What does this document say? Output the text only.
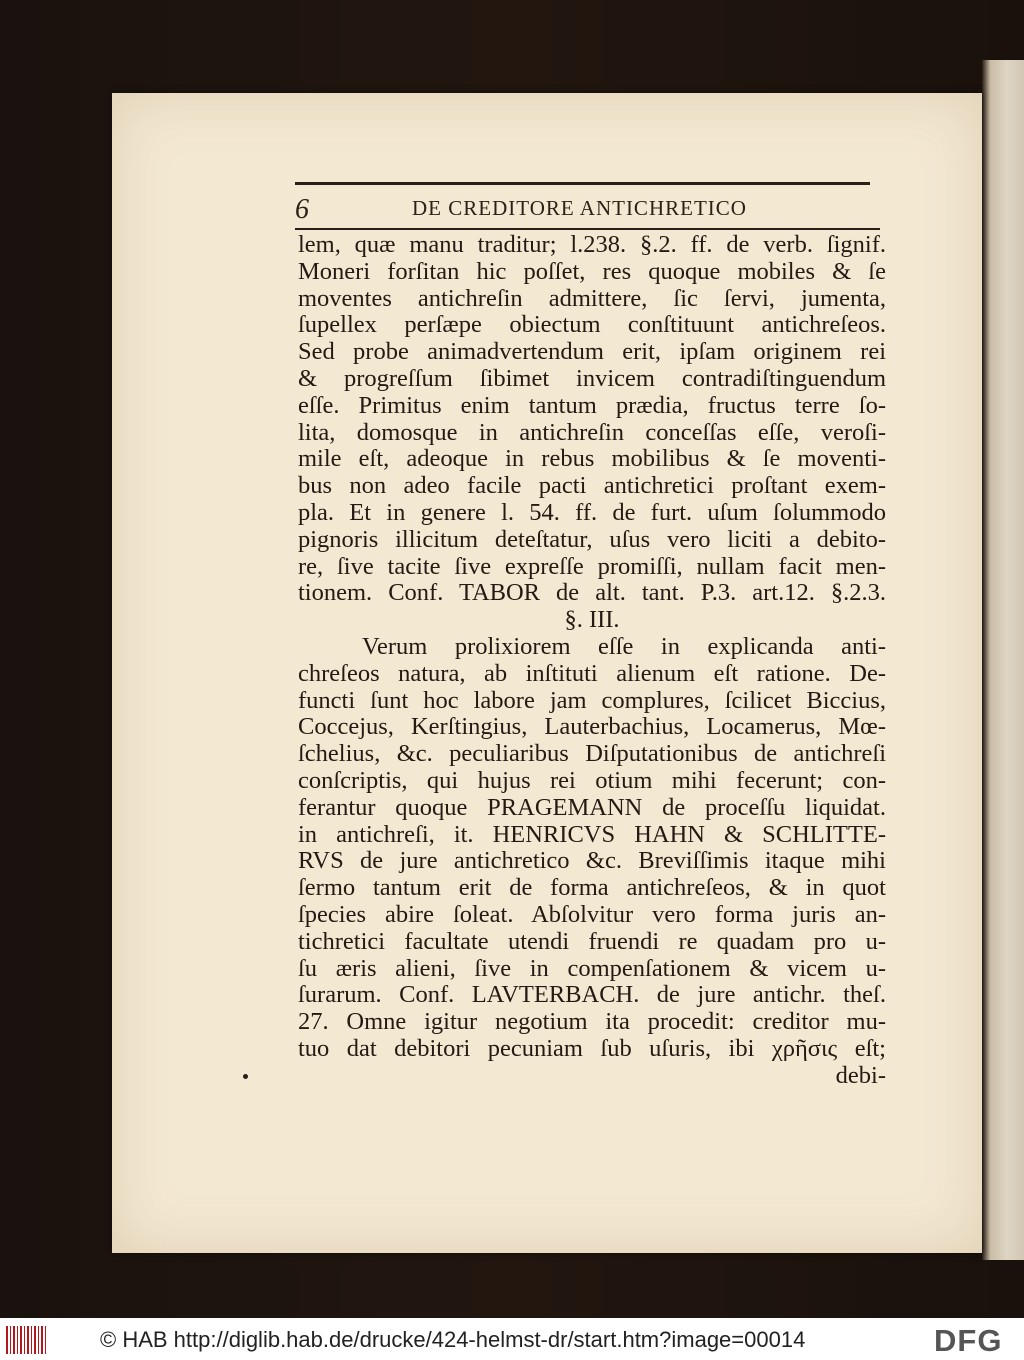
6	DE CREDITORE ANTICHRETICO
lem, quæ manu traditur; l.238. §.2. ff. de verb. ſignif.
Moneri forſitan hic poſſet, res quoque mobiles & ſe
moventes antichreſin admittere, ſic ſervi, jumenta,
ſupellex perſæpe obiectum conſtituunt antichreſeos.
Sed probe animadvertendum erit, ipſam originem rei
& progreſſum ſibimet invicem contradiſtinguendum
eſſe. Primitus enim tantum prædia, fructus terre ſo-
lita, domosque in antichreſin conceſſas eſſe, veroſi-
mile eſt, adeoque in rebus mobilibus & ſe moventi-
bus non adeo facile pacti antichretici proſtant exem-
pla. Et in genere l. 54. ff. de furt. uſum ſolummodo
pignoris illicitum deteſtatur, uſus vero liciti a debito-
re, ſive tacite ſive expreſſe promiſſi, nullam facit men-
tionem. Conf. TABOR de alt. tant. P.3. art.12. §.2.3.
§. III.
Verum prolixiorem eſſe in explicanda anti-
chreſeos natura, ab inſtituti alienum eſt ratione. De-
functi ſunt hoc labore jam complures, ſcilicet Biccius,
Coccejus, Kerſtingius, Lauterbachius, Locamerus, Mœ-
ſchelius, &c. peculiaribus Diſputationibus de antichreſi
conſcriptis, qui hujus rei otium mihi fecerunt; con-
ferantur quoque PRAGEMANN de proceſſu liquidat.
in antichreſi, it. HENRICVS HAHN & SCHLITTE-
RVS de jure antichretico &c. Breviſſimis itaque mihi
ſermo tantum erit de forma antichreſeos, & in quot
ſpecies abire ſoleat. Abſolvitur vero forma juris an-
tichretici facultate utendi fruendi re quadam pro u-
ſu æris alieni, ſive in compenſationem & vicem u-
ſurarum. Conf. LAVTERBACH. de jure antichr. theſ.
27. Omne igitur negotium ita procedit: creditor mu-
tuo dat debitori pecuniam ſub uſuris, ibi χρῆσις eſt;
debi-
© HAB http://diglib.hab.de/drucke/424-helmst-dr/start.htm?image=00014	DFG
